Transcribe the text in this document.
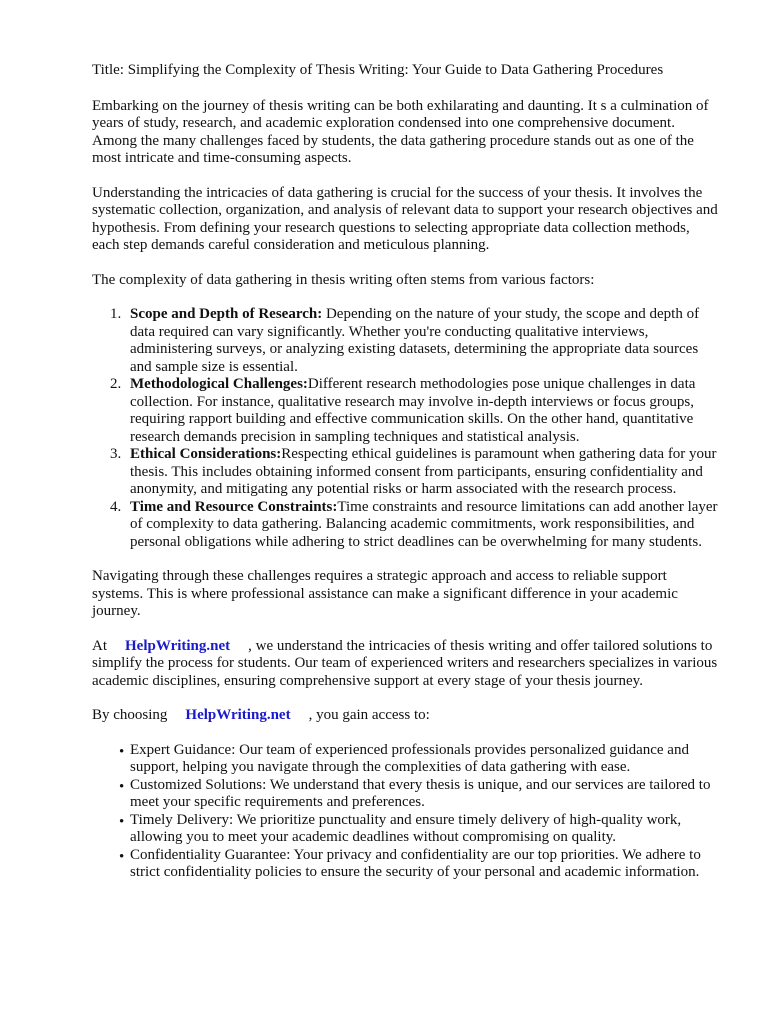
Title: Simplifying the Complexity of Thesis Writing: Your Guide to Data Gathering Procedures

Embarking on the journey of thesis writing can be both exhilarating and daunting. It s a culmination of years of study, research, and academic exploration condensed into one comprehensive document. Among the many challenges faced by students, the data gathering procedure stands out as one of the most intricate and time-consuming aspects.

Understanding the intricacies of data gathering is crucial for the success of your thesis. It involves the systematic collection, organization, and analysis of relevant data to support your research objectives and hypothesis. From defining your research questions to selecting appropriate data collection methods, each step demands careful consideration and meticulous planning.

The complexity of data gathering in thesis writing often stems from various factors:

Scope and Depth of Research: Depending on the nature of your study, the scope and depth of data required can vary significantly. Whether you're conducting qualitative interviews, administering surveys, or analyzing existing datasets, determining the appropriate data sources and sample size is essential.
Methodological Challenges:Different research methodologies pose unique challenges in data collection. For instance, qualitative research may involve in-depth interviews or focus groups, requiring rapport building and effective communication skills. On the other hand, quantitative research demands precision in sampling techniques and statistical analysis.
Ethical Considerations:Respecting ethical guidelines is paramount when gathering data for your thesis. This includes obtaining informed consent from participants, ensuring confidentiality and anonymity, and mitigating any potential risks or harm associated with the research process.
Time and Resource Constraints:Time constraints and resource limitations can add another layer of complexity to data gathering. Balancing academic commitments, work responsibilities, and personal obligations while adhering to strict deadlines can be overwhelming for many students.

Navigating through these challenges requires a strategic approach and access to reliable support systems. This is where professional assistance can make a significant difference in your academic journey.

At HelpWriting.net , we understand the intricacies of thesis writing and offer tailored solutions to simplify the process for students. Our team of experienced writers and researchers specializes in various academic disciplines, ensuring comprehensive support at every stage of your thesis journey.

By choosing HelpWriting.net , you gain access to:

• Expert Guidance: Our team of experienced professionals provides personalized guidance and support, helping you navigate through the complexities of data gathering with ease.
• Customized Solutions: We understand that every thesis is unique, and our services are tailored to meet your specific requirements and preferences.
• Timely Delivery: We prioritize punctuality and ensure timely delivery of high-quality work, allowing you to meet your academic deadlines without compromising on quality.
• Confidentiality Guarantee: Your privacy and confidentiality are our top priorities. We adhere to strict confidentiality policies to ensure the security of your personal and academic information.
